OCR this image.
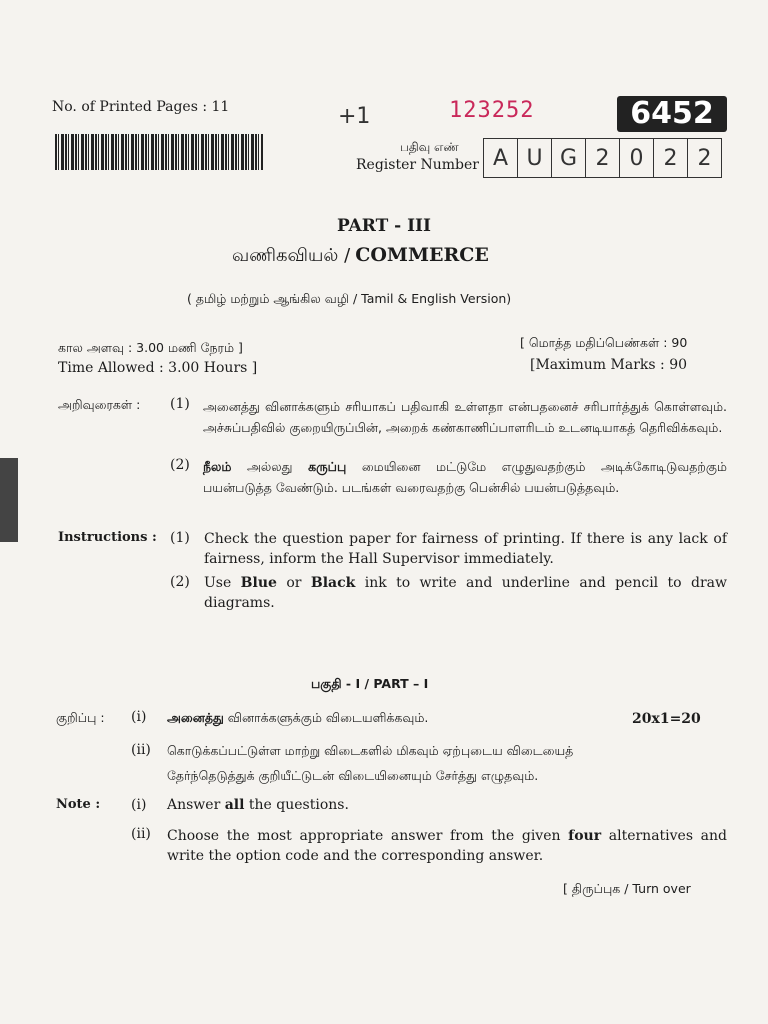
No. of Printed Pages : 11	+1	123252	6452
பதிவு எண்
Register Number A U G 2 0 2 2
PART - III
வணிகவியல் / COMMERCE
( தமிழ் மற்றும் ஆங்கில வழி / Tamil & English Version)
கால அளவு : 3.00 மணி நேரம் ]	[ மொத்த மதிப்பெண்கள் : 90
Time Allowed : 3.00 Hours ]	[Maximum Marks : 90
அறிவுரைகள் : (1) அனைத்து வினாக்களும் சரியாகப் பதிவாகி உள்ளதா என்பதனைச் சரிபார்த்துக் கொள்ளவும். அச்சுப்பதிவில் குறையிருப்பின், அறைக் கண்காணிப்பாளரிடம் உடனடியாகத் தெரிவிக்கவும்.
(2) நீலம் அல்லது கருப்பு மையினை மட்டுமே எழுதுவதற்கும் அடிக்கோடிடுவதற்கும் பயன்படுத்த வேண்டும். படங்கள் வரைவதற்கு பென்சில் பயன்படுத்தவும்.
Instructions : (1) Check the question paper for fairness of printing. If there is any lack of fairness, inform the Hall Supervisor immediately.
(2) Use Blue or Black ink to write and underline and pencil to draw diagrams.
பகுதி - I / PART – I
குறிப்பு : (i) அனைத்து வினாக்களுக்கும் விடையளிக்கவும்.	20x1=20
(ii) கொடுக்கப்பட்டுள்ள மாற்று விடைகளில் மிகவும் ஏற்புடைய விடையைத்
தேர்ந்தெடுத்துக் குறியீட்டுடன் விடையினையும் சேர்த்து எழுதவும்.
Note : (i) Answer all the questions.
(ii) Choose the most appropriate answer from the given four alternatives and write the option code and the corresponding answer.
[ திருப்புக / Turn over
